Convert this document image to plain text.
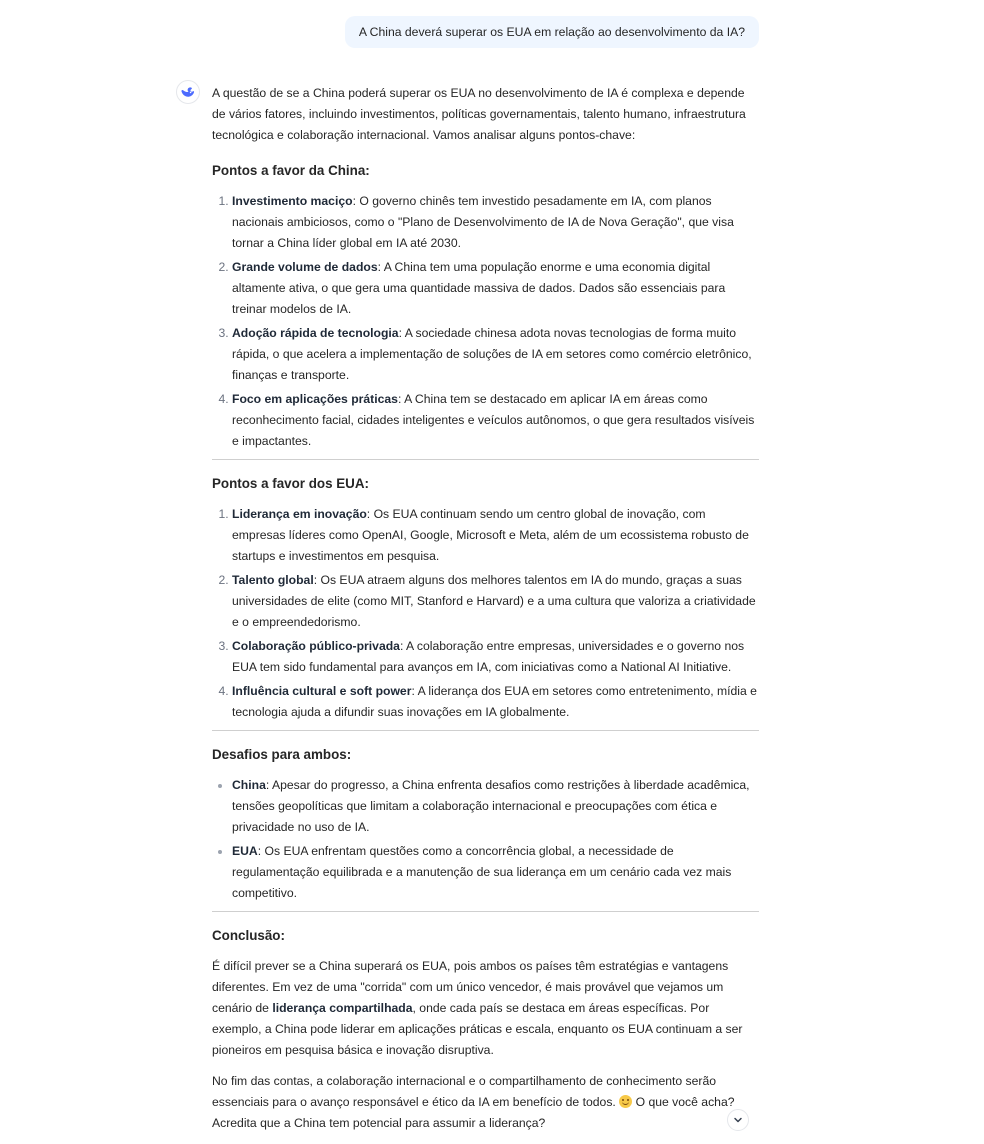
A China deverá superar os EUA em relação ao desenvolvimento da IA?

A questão de se a China poderá superar os EUA no desenvolvimento de IA é complexa e depende de vários fatores, incluindo investimentos, políticas governamentais, talento humano, infraestrutura tecnológica e colaboração internacional. Vamos analisar alguns pontos-chave:

Pontos a favor da China:
1. Investimento maciço: O governo chinês tem investido pesadamente em IA, com planos nacionais ambiciosos, como o "Plano de Desenvolvimento de IA de Nova Geração", que visa tornar a China líder global em IA até 2030.
2. Grande volume de dados: A China tem uma população enorme e uma economia digital altamente ativa, o que gera uma quantidade massiva de dados. Dados são essenciais para treinar modelos de IA.
3. Adoção rápida de tecnologia: A sociedade chinesa adota novas tecnologias de forma muito rápida, o que acelera a implementação de soluções de IA em setores como comércio eletrônico, finanças e transporte.
4. Foco em aplicações práticas: A China tem se destacado em aplicar IA em áreas como reconhecimento facial, cidades inteligentes e veículos autônomos, o que gera resultados visíveis e impactantes.
Pontos a favor dos EUA:
1. Liderança em inovação: Os EUA continuam sendo um centro global de inovação, com empresas líderes como OpenAI, Google, Microsoft e Meta, além de um ecossistema robusto de startups e investimentos em pesquisa.
2. Talento global: Os EUA atraem alguns dos melhores talentos em IA do mundo, graças a suas universidades de elite (como MIT, Stanford e Harvard) e a uma cultura que valoriza a criatividade e o empreendedorismo.
3. Colaboração público-privada: A colaboração entre empresas, universidades e o governo nos EUA tem sido fundamental para avanços em IA, com iniciativas como a National AI Initiative.
4. Influência cultural e soft power: A liderança dos EUA em setores como entretenimento, mídia e tecnologia ajuda a difundir suas inovações em IA globalmente.
Desafios para ambos:
• China: Apesar do progresso, a China enfrenta desafios como restrições à liberdade acadêmica, tensões geopolíticas que limitam a colaboração internacional e preocupações com ética e privacidade no uso de IA.
• EUA: Os EUA enfrentam questões como a concorrência global, a necessidade de regulamentação equilibrada e a manutenção de sua liderança em um cenário cada vez mais competitivo.
Conclusão:

É difícil prever se a China superará os EUA, pois ambos os países têm estratégias e vantagens diferentes. Em vez de uma "corrida" com um único vencedor, é mais provável que vejamos um cenário de liderança compartilhada, onde cada país se destaca em áreas específicas. Por exemplo, a China pode liderar em aplicações práticas e escala, enquanto os EUA continuam a ser pioneiros em pesquisa básica e inovação disruptiva.

No fim das contas, a colaboração internacional e o compartilhamento de conhecimento serão essenciais para o avanço responsável e ético da IA em benefício de todos.  O que você acha? Acredita que a China tem potencial para assumir a liderança?
